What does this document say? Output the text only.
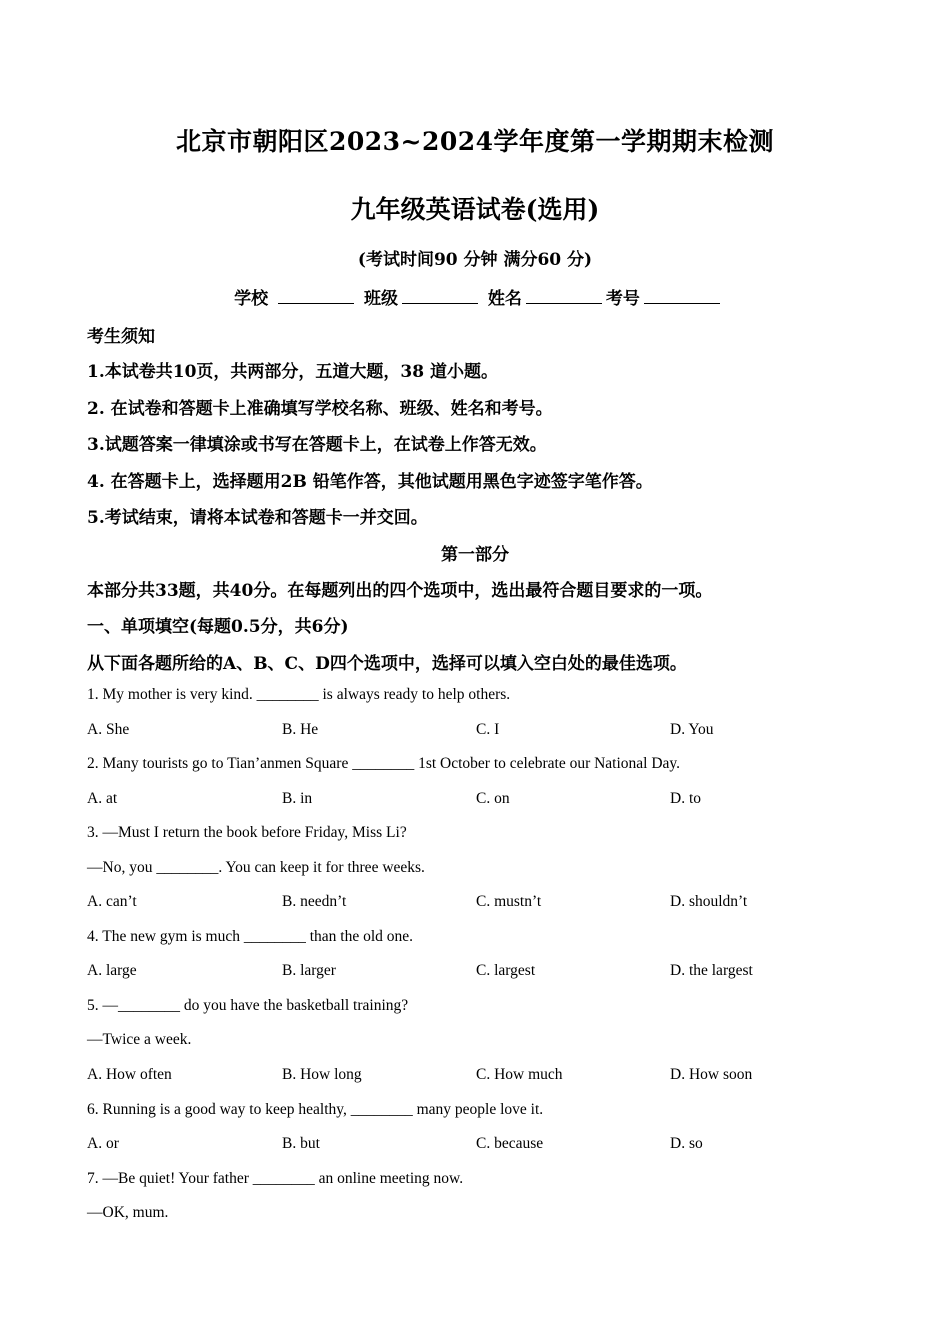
北京市朝阳区2023~2024学年度第一学期期末检测
九年级英语试卷(选用)
(考试时间90 分钟 满分60 分)
学校	班级	姓名	考号
考生须知
1.本试卷共10页，共两部分，五道大题，38 道小题。
2. 在试卷和答题卡上准确填写学校名称、班级、姓名和考号。
3.试题答案一律填涂或书写在答题卡上，在试卷上作答无效。
4. 在答题卡上，选择题用2B 铅笔作答，其他试题用黑色字迹签字笔作答。
5.考试结束，请将本试卷和答题卡一并交回。
第一部分
本部分共33题，共40分。在每题列出的四个选项中，选出最符合题目要求的一项。
一、单项填空(每题0.5分，共6分)
从下面各题所给的A、B、C、D四个选项中，选择可以填入空白处的最佳选项。
1. My mother is very kind. ________ is always ready to help others.
A. She	B. He	C. I	D. You
2. Many tourists go to Tian’anmen Square ________ 1st October to celebrate our National Day.
A. at	B. in	C. on	D. to
3. —Must I return the book before Friday, Miss Li?
—No, you ________. You can keep it for three weeks.
A. can’t	B. needn’t	C. mustn’t	D. shouldn’t
4. The new gym is much ________ than the old one.
A. large	B. larger	C. largest	D. the largest
5. —________ do you have the basketball training?
—Twice a week.
A. How often	B. How long	C. How much	D. How soon
6. Running is a good way to keep healthy, ________ many people love it.
A. or	B. but	C. because	D. so
7. —Be quiet! Your father ________ an online meeting now.
—OK, mum.
